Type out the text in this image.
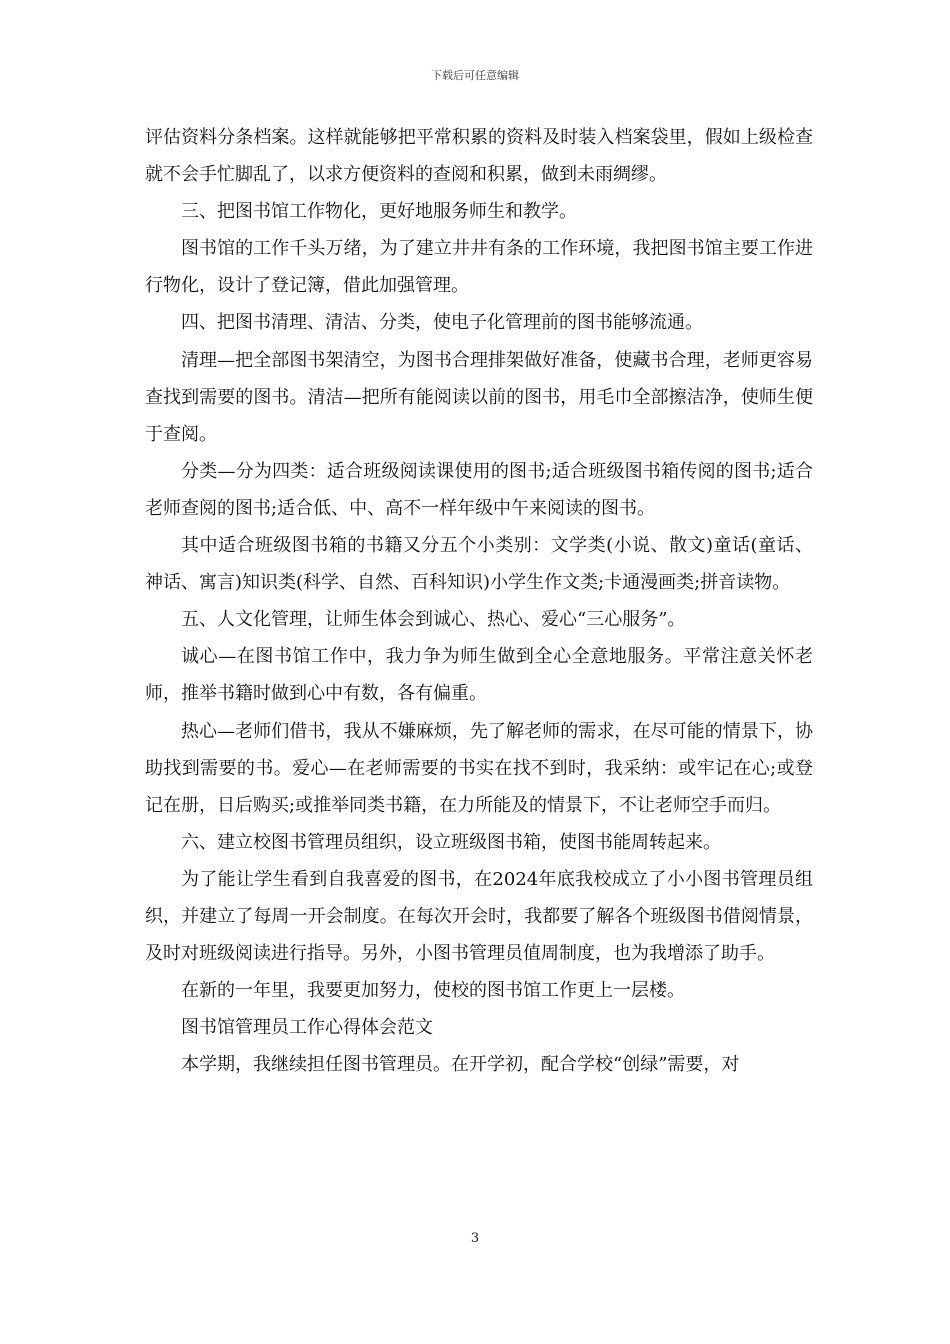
下载后可任意编辑

评估资料分条档案。这样就能够把平常积累的资料及时装入档案袋里，假如上级检查就不会手忙脚乱了，以求方便资料的查阅和积累，做到未雨绸缪。

三、把图书馆工作物化，更好地服务师生和教学。

图书馆的工作千头万绪，为了建立井井有条的工作环境，我把图书馆主要工作进行物化，设计了登记簿，借此加强管理。

四、把图书清理、清洁、分类，使电子化管理前的图书能够流通。

清理—把全部图书架清空，为图书合理排架做好准备，使藏书合理，老师更容易查找到需要的图书。清洁—把所有能阅读以前的图书，用毛巾全部擦洁净，使师生便于查阅。

分类—分为四类：适合班级阅读课使用的图书;适合班级图书箱传阅的图书;适合老师查阅的图书;适合低、中、高不一样年级中午来阅读的图书。

其中适合班级图书箱的书籍又分五个小类别：文学类(小说、散文)童话(童话、神话、寓言)知识类(科学、自然、百科知识)小学生作文类;卡通漫画类;拼音读物。

五、人文化管理，让师生体会到诚心、热心、爱心“三心服务”。

诚心—在图书馆工作中，我力争为师生做到全心全意地服务。平常注意关怀老师，推举书籍时做到心中有数，各有偏重。

热心—老师们借书，我从不嫌麻烦，先了解老师的需求，在尽可能的情景下，协助找到需要的书。爱心—在老师需要的书实在找不到时，我采纳：或牢记在心;或登记在册，日后购买;或推举同类书籍，在力所能及的情景下，不让老师空手而归。

六、建立校图书管理员组织，设立班级图书箱，使图书能周转起来。

为了能让学生看到自我喜爱的图书，在2024年底我校成立了小小图书管理员组织，并建立了每周一开会制度。在每次开会时，我都要了解各个班级图书借阅情景，及时对班级阅读进行指导。另外，小图书管理员值周制度，也为我增添了助手。

在新的一年里，我要更加努力，使校的图书馆工作更上一层楼。

图书馆管理员工作心得体会范文

本学期，我继续担任图书管理员。在开学初，配合学校“创绿”需要，对

3
